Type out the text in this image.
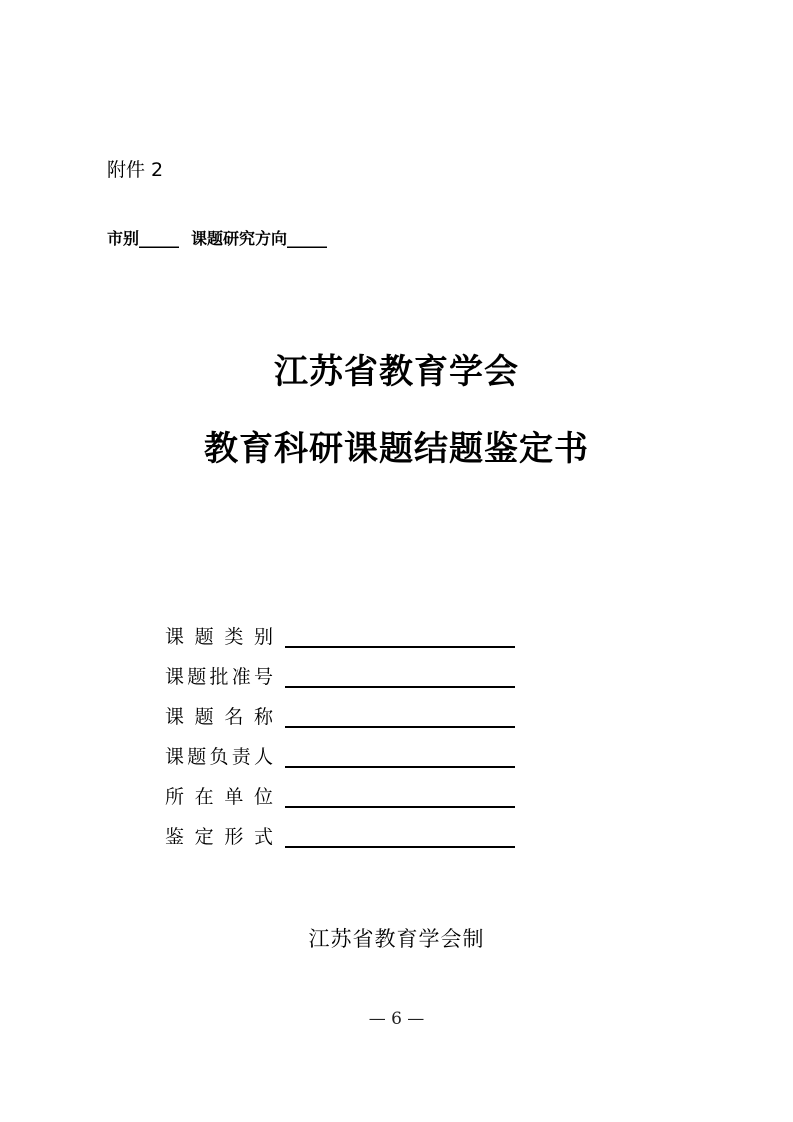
附件 2
市别_____ 课题研究方向_____
江苏省教育学会
教育科研课题结题鉴定书
课题类别
课题批准号
课题名称
课题负责人
所在单位
鉴定形式
江苏省教育学会制
— 6 —
